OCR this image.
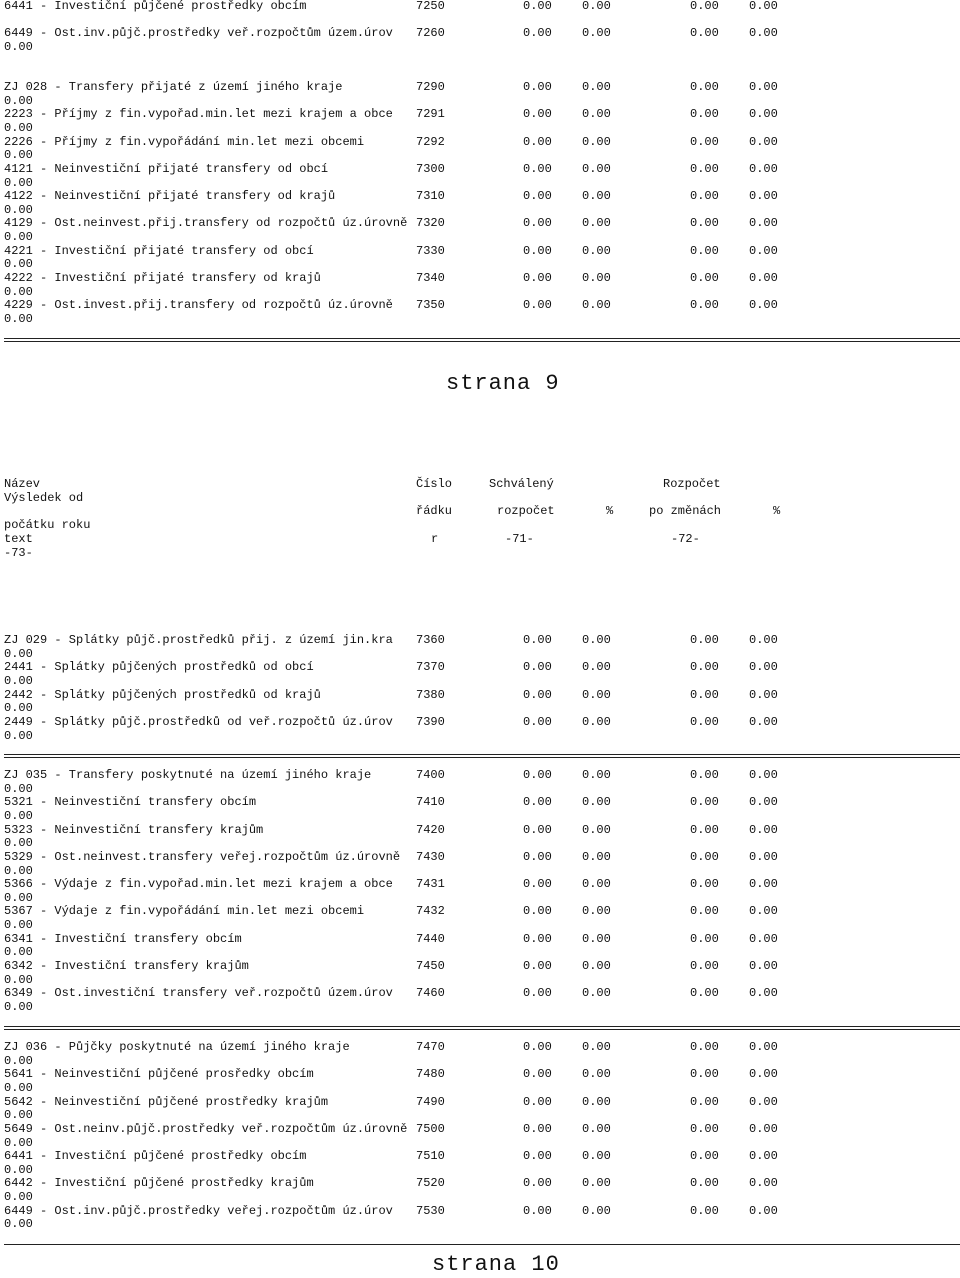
6441 - Investiční půjčené prostředky obcím	7250	0.00	0.00	0.00	0.00
6449 - Ost.inv.půjč.prostředky veř.rozpočtům územ.úrov 7260	0.00	0.00	0.00	0.00
0.00
ZJ 028 - Transfery přijaté z území jiného kraje	7290	0.00	0.00	0.00	0.00
0.00
2223 - Příjmy z fin.vypořad.min.let mezi krajem a obce 7291	0.00	0.00	0.00	0.00
0.00
2226 - Příjmy z fin.vypořádání min.let mezi obcemi	7292	0.00	0.00	0.00	0.00
0.00
4121 - Neinvestiční přijaté transfery od obcí	7300	0.00	0.00	0.00	0.00
0.00
4122 - Neinvestiční přijaté transfery od krajů	7310	0.00	0.00	0.00	0.00
0.00
4129 - Ost.neinvest.přij.transfery od rozpočtů úz.úrovně 7320	0.00	0.00	0.00	0.00
0.00
4221 - Investiční přijaté transfery od obcí	7330	0.00	0.00	0.00	0.00
0.00
4222 - Investiční přijaté transfery od krajů	7340	0.00	0.00	0.00	0.00
0.00
4229 - Ost.invest.přij.transfery od rozpočtů úz.úrovně 7350	0.00	0.00	0.00	0.00
0.00
strana 9
Název	Číslo	Schválený	Rozpočet
Výsledek od
řádku	rozpočet	%	po změnách	%
počátku roku
text	r	-71-	-72-
-73-
ZJ 029 - Splátky půjč.prostředků přij. z území jin.kra 7360	0.00	0.00	0.00	0.00
0.00
2441 - Splátky půjčených prostředků od obcí	7370	0.00	0.00	0.00	0.00
0.00
2442 - Splátky půjčených prostředků od krajů	7380	0.00	0.00	0.00	0.00
0.00
2449 - Splátky půjč.prostředků od veř.rozpočtů úz.úrov 7390	0.00	0.00	0.00	0.00
0.00
ZJ 035 - Transfery poskytnuté na území jiného kraje	7400	0.00	0.00	0.00	0.00
0.00
5321 - Neinvestiční transfery obcím	7410	0.00	0.00	0.00	0.00
0.00
5323 - Neinvestiční transfery krajům	7420	0.00	0.00	0.00	0.00
0.00
5329 - Ost.neinvest.transfery veřej.rozpočtům úz.úrovně 7430	0.00	0.00	0.00	0.00
0.00
5366 - Výdaje z fin.vypořad.min.let mezi krajem a obce 7431	0.00	0.00	0.00	0.00
0.00
5367 - Výdaje z fin.vypořádání min.let mezi obcemi	7432	0.00	0.00	0.00	0.00
0.00
6341 - Investiční transfery obcím	7440	0.00	0.00	0.00	0.00
0.00
6342 - Investiční transfery krajům	7450	0.00	0.00	0.00	0.00
0.00
6349 - Ost.investiční transfery veř.rozpočtů územ.úrov 7460	0.00	0.00	0.00	0.00
0.00
ZJ 036 - Půjčky poskytnuté na území jiného kraje	7470	0.00	0.00	0.00	0.00
0.00
5641 - Neinvestiční půjčené prosředky obcím	7480	0.00	0.00	0.00	0.00
0.00
5642 - Neinvestiční půjčené prostředky krajům	7490	0.00	0.00	0.00	0.00
0.00
5649 - Ost.neinv.půjč.prostředky veř.rozpočtům úz.úrovně 7500	0.00	0.00	0.00	0.00
0.00
6441 - Investiční půjčené prostředky obcím	7510	0.00	0.00	0.00	0.00
0.00
6442 - Investiční půjčené prostředky krajům	7520	0.00	0.00	0.00	0.00
0.00
6449 - Ost.inv.půjč.prostředky veřej.rozpočtům úz.úrov 7530	0.00	0.00	0.00	0.00
0.00
strana 10
